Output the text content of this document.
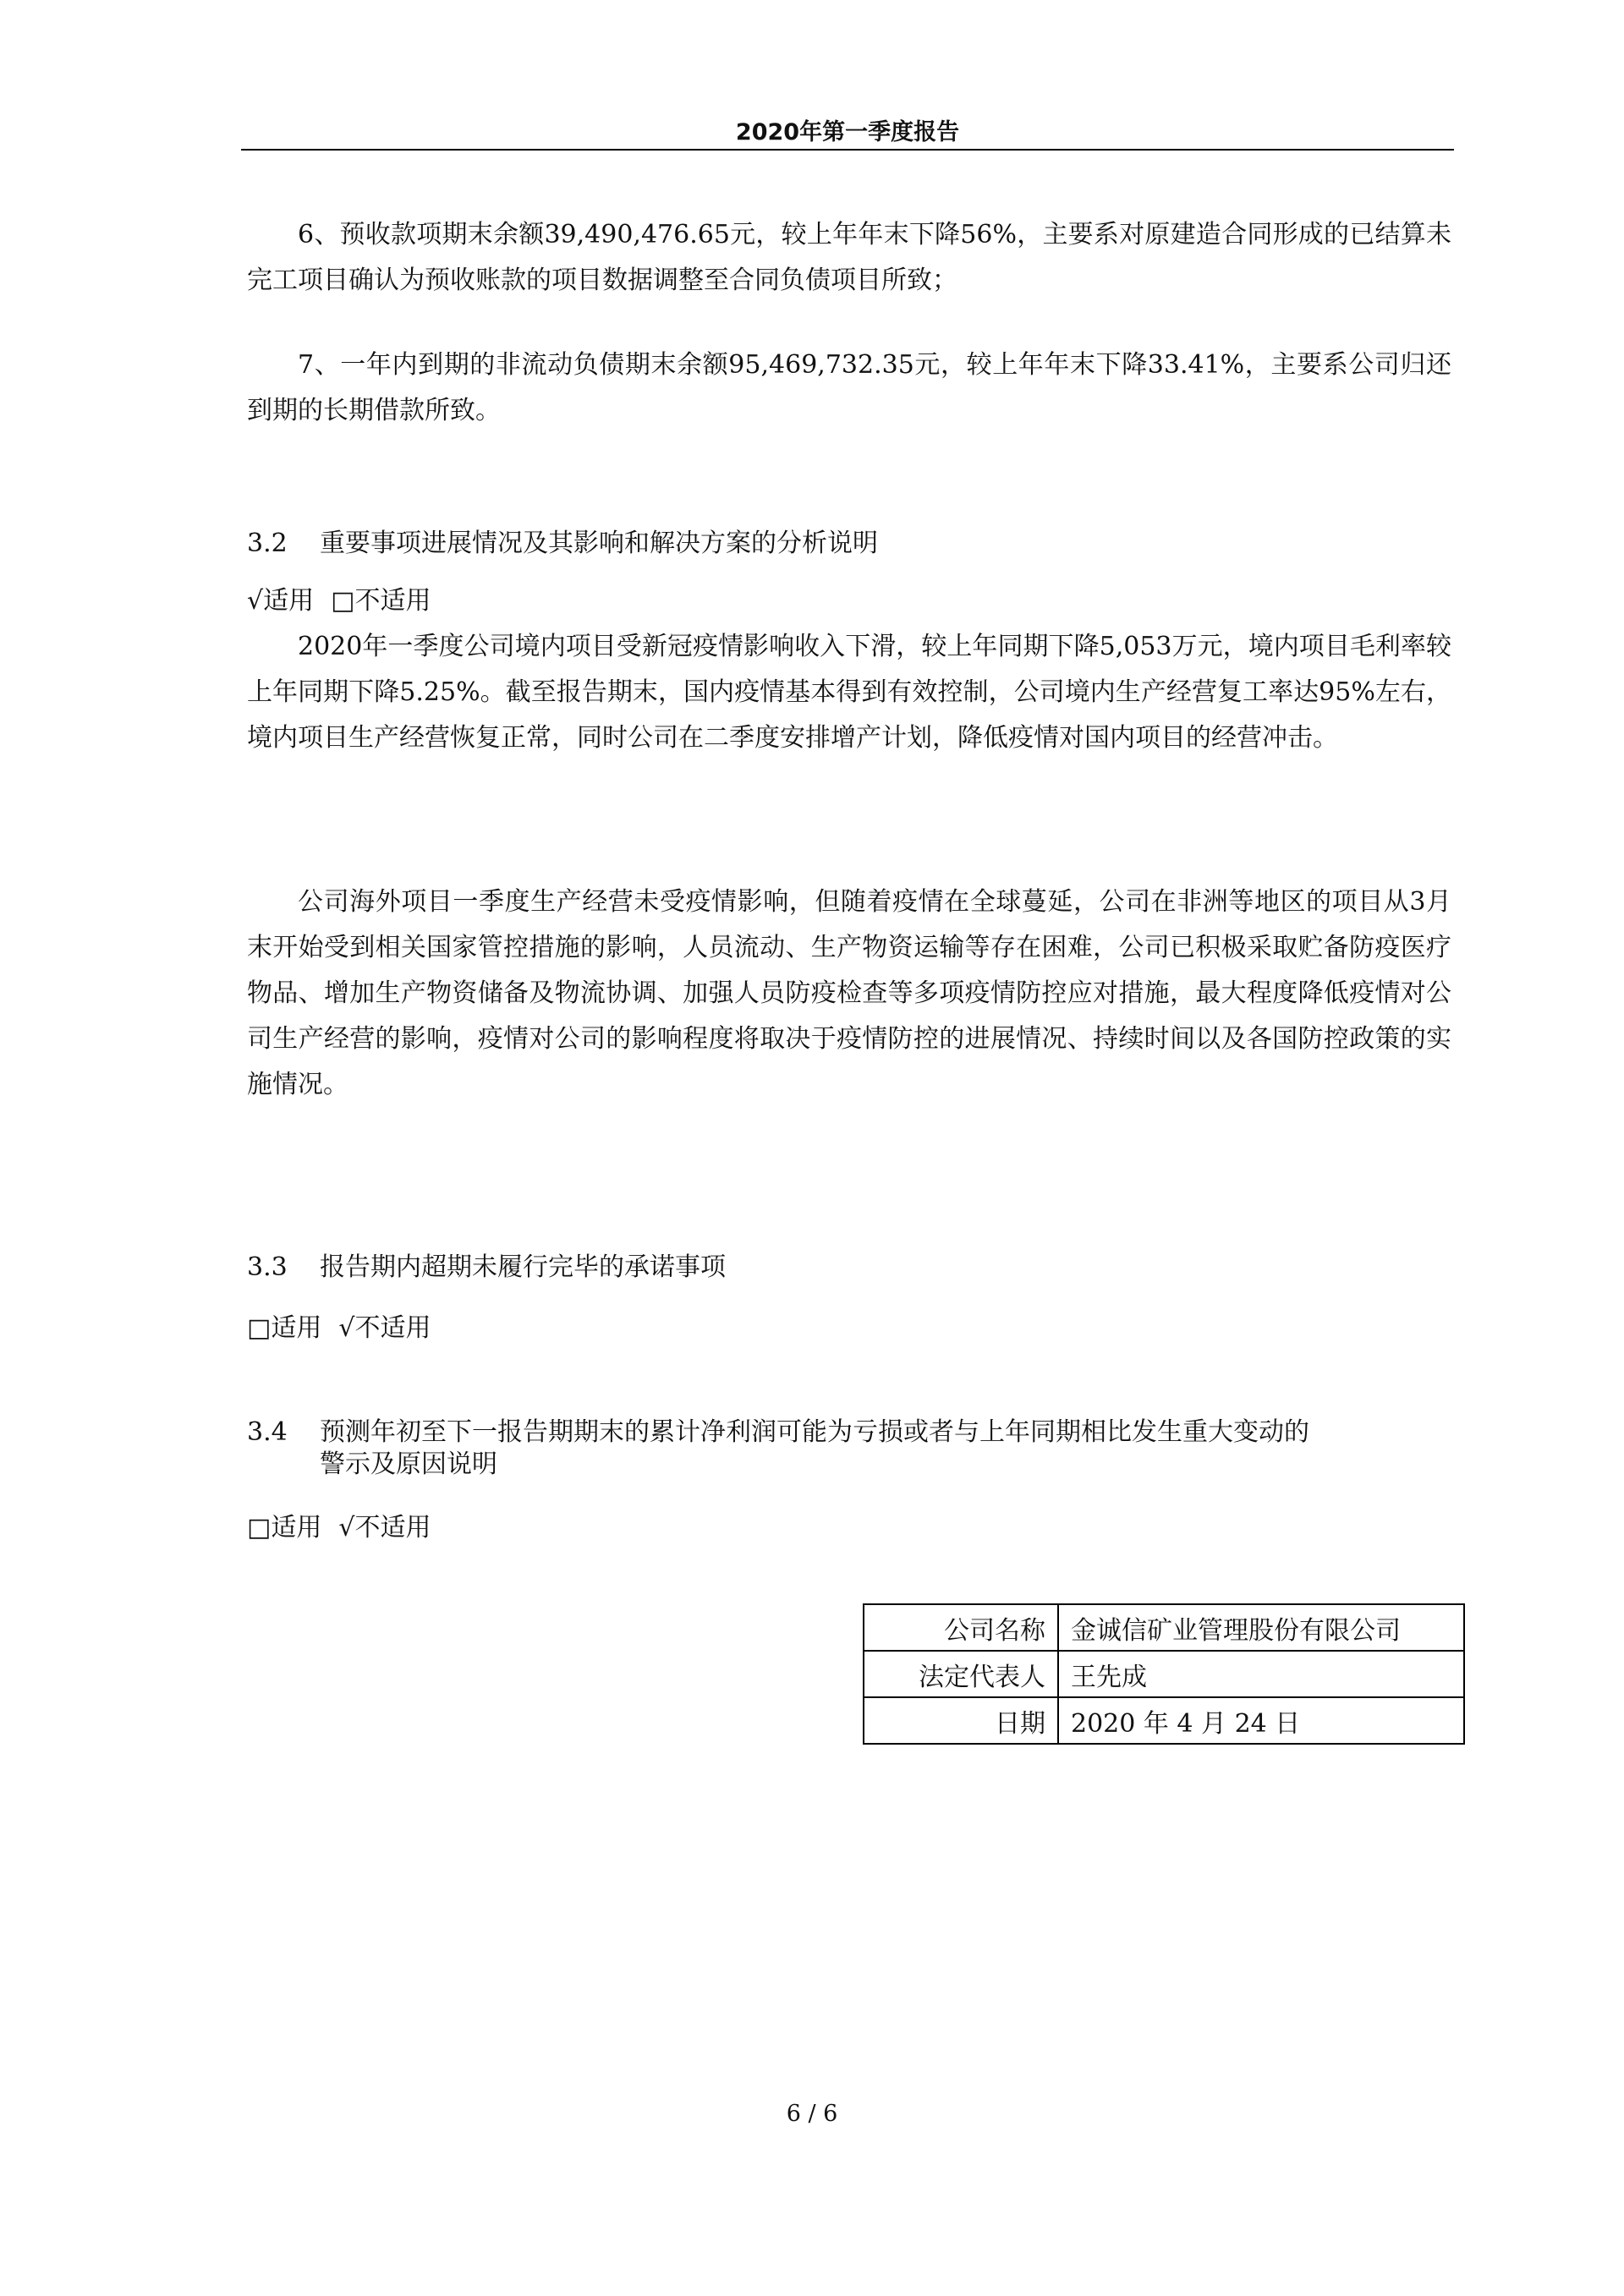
2020年第一季度报告

6、预收款项期末余额39,490,476.65元，较上年年末下降56%，主要系对原建造合同形成的已结算未完工项目确认为预收账款的项目数据调整至合同负债项目所致；

7、一年内到期的非流动负债期末余额95,469,732.35元，较上年年末下降33.41%，主要系公司归还到期的长期借款所致。

3.2 重要事项进展情况及其影响和解决方案的分析说明

√适用 □不适用

2020年一季度公司境内项目受新冠疫情影响收入下滑，较上年同期下降5,053万元，境内项目毛利率较上年同期下降5.25%。截至报告期末，国内疫情基本得到有效控制，公司境内生产经营复工率达95%左右，境内项目生产经营恢复正常，同时公司在二季度安排增产计划，降低疫情对国内项目的经营冲击。

公司海外项目一季度生产经营未受疫情影响，但随着疫情在全球蔓延，公司在非洲等地区的项目从3月末开始受到相关国家管控措施的影响，人员流动、生产物资运输等存在困难，公司已积极采取贮备防疫医疗物品、增加生产物资储备及物流协调、加强人员防疫检查等多项疫情防控应对措施，最大程度降低疫情对公司生产经营的影响，疫情对公司的影响程度将取决于疫情防控的进展情况、持续时间以及各国防控政策的实施情况。

3.3 报告期内超期未履行完毕的承诺事项

□适用 √不适用

3.4 预测年初至下一报告期期末的累计净利润可能为亏损或者与上年同期相比发生重大变动的
警示及原因说明

□适用 √不适用

公司名称	金诚信矿业管理股份有限公司
法定代表人	王先成
日期	2020 年 4 月 24 日
6 / 6
